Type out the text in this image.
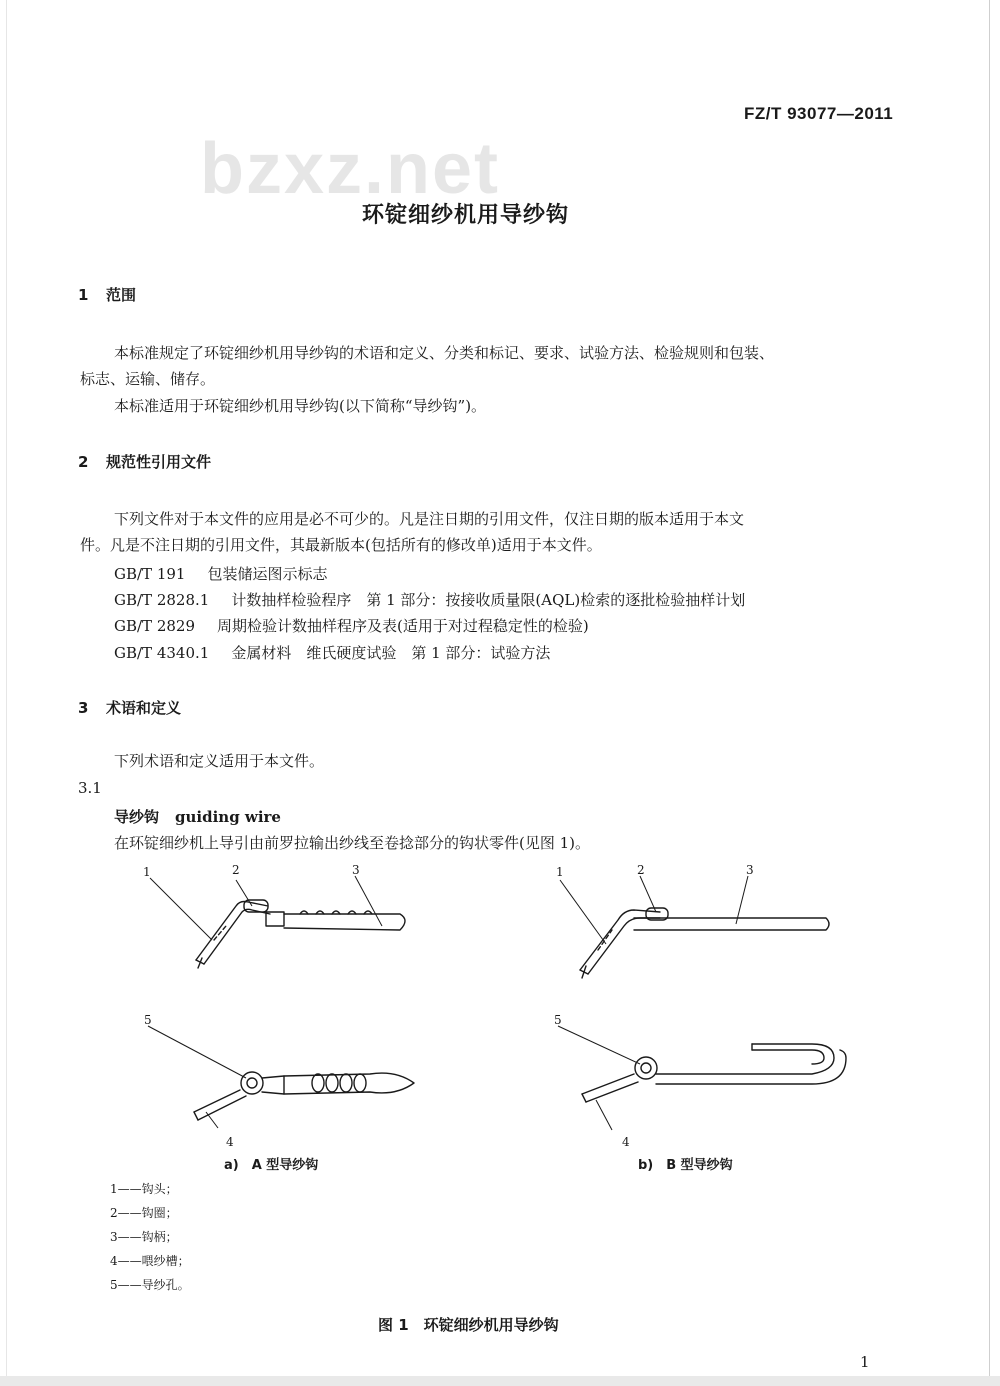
bzxz.net
FZ/T 93077—2011
环锭细纱机用导纱钩
1 范围
本标准规定了环锭细纱机用导纱钩的术语和定义、分类和标记、要求、试验方法、检验规则和包装、
标志、运输、储存。
本标准适用于环锭细纱机用导纱钩(以下简称“导纱钩”)。
2 规范性引用文件
下列文件对于本文件的应用是必不可少的。凡是注日期的引用文件，仅注日期的版本适用于本文
件。凡是不注日期的引用文件，其最新版本(包括所有的修改单)适用于本文件。
GB/T 191 包装储运图示标志
GB/T 2828.1 计数抽样检验程序　第 1 部分：按接收质量限(AQL)检索的逐批检验抽样计划
GB/T 2829 周期检验计数抽样程序及表(适用于对过程稳定性的检验)
GB/T 4340.1 金属材料　维氏硬度试验　第 1 部分：试验方法
3 术语和定义
下列术语和定义适用于本文件。
3.1
导纱钩 guiding wire
在环锭细纱机上导引由前罗拉输出纱线至卷捻部分的钩状零件(见图 1)。
1	2	3	1	2	3
5
4
5
4
a)　A 型导纱钩	b)　B 型导纱钩
1——钩头；
2——钩圈；
3——钩柄；
4——喂纱槽；
5——导纱孔。
图 1　环锭细纱机用导纱钩
1
